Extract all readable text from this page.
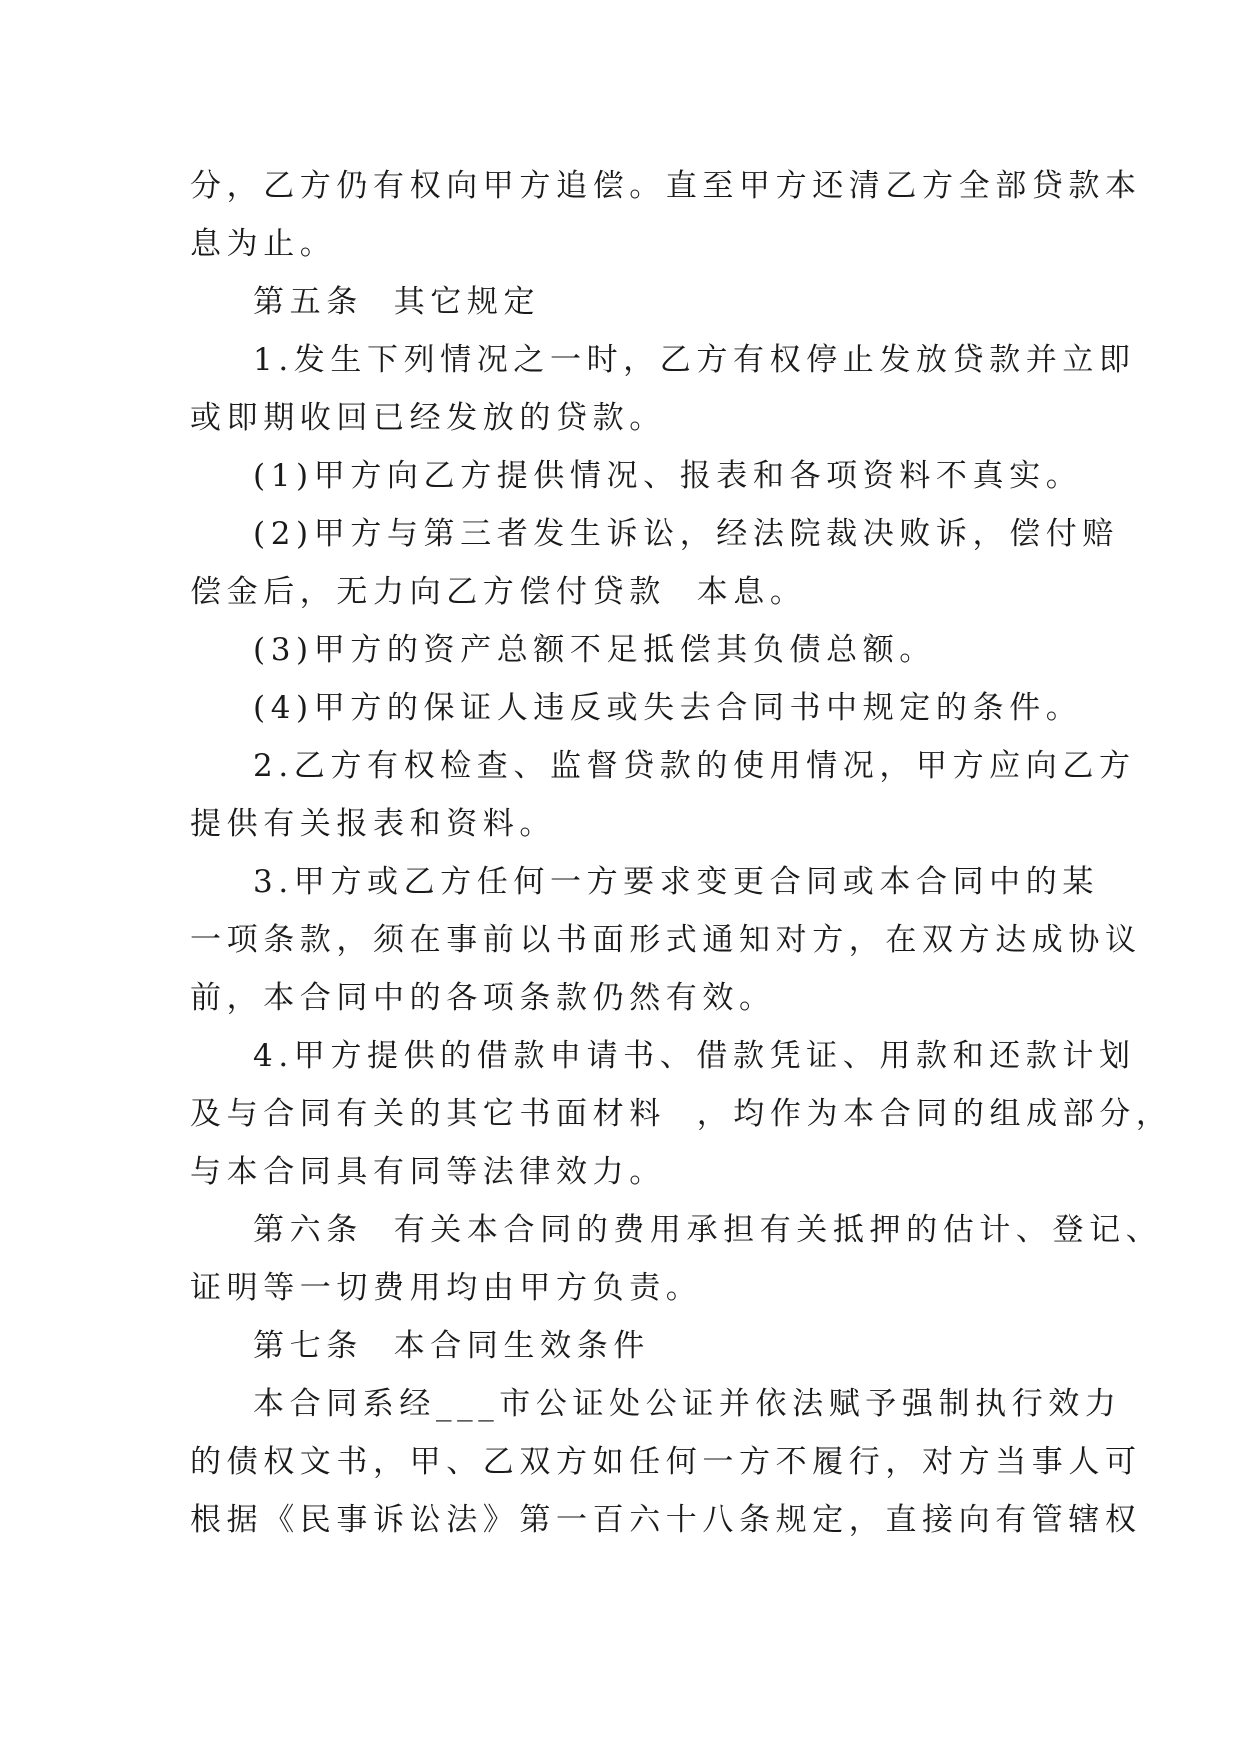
分，乙方仍有权向甲方追偿。直至甲方还清乙方全部贷款本
息为止。
第五条  其它规定
1.发生下列情况之一时，乙方有权停止发放贷款并立即
或即期收回已经发放的贷款。
(1)甲方向乙方提供情况、报表和各项资料不真实。
(2)甲方与第三者发生诉讼，经法院裁决败诉，偿付赔
偿金后，无力向乙方偿付贷款  本息。
(3)甲方的资产总额不足抵偿其负债总额。
(4)甲方的保证人违反或失去合同书中规定的条件。
2.乙方有权检查、监督贷款的使用情况，甲方应向乙方
提供有关报表和资料。
3.甲方或乙方任何一方要求变更合同或本合同中的某
一项条款，须在事前以书面形式通知对方，在双方达成协议
前，本合同中的各项条款仍然有效。
4.甲方提供的借款申请书、借款凭证、用款和还款计划
及与合同有关的其它书面材料  ，均作为本合同的组成部分，
与本合同具有同等法律效力。
第六条  有关本合同的费用承担有关抵押的估计、登记、
证明等一切费用均由甲方负责。
第七条  本合同生效条件
本合同系经___市公证处公证并依法赋予强制执行效力
的债权文书，甲、乙双方如任何一方不履行，对方当事人可
根据《民事诉讼法》第一百六十八条规定，直接向有管辖权
